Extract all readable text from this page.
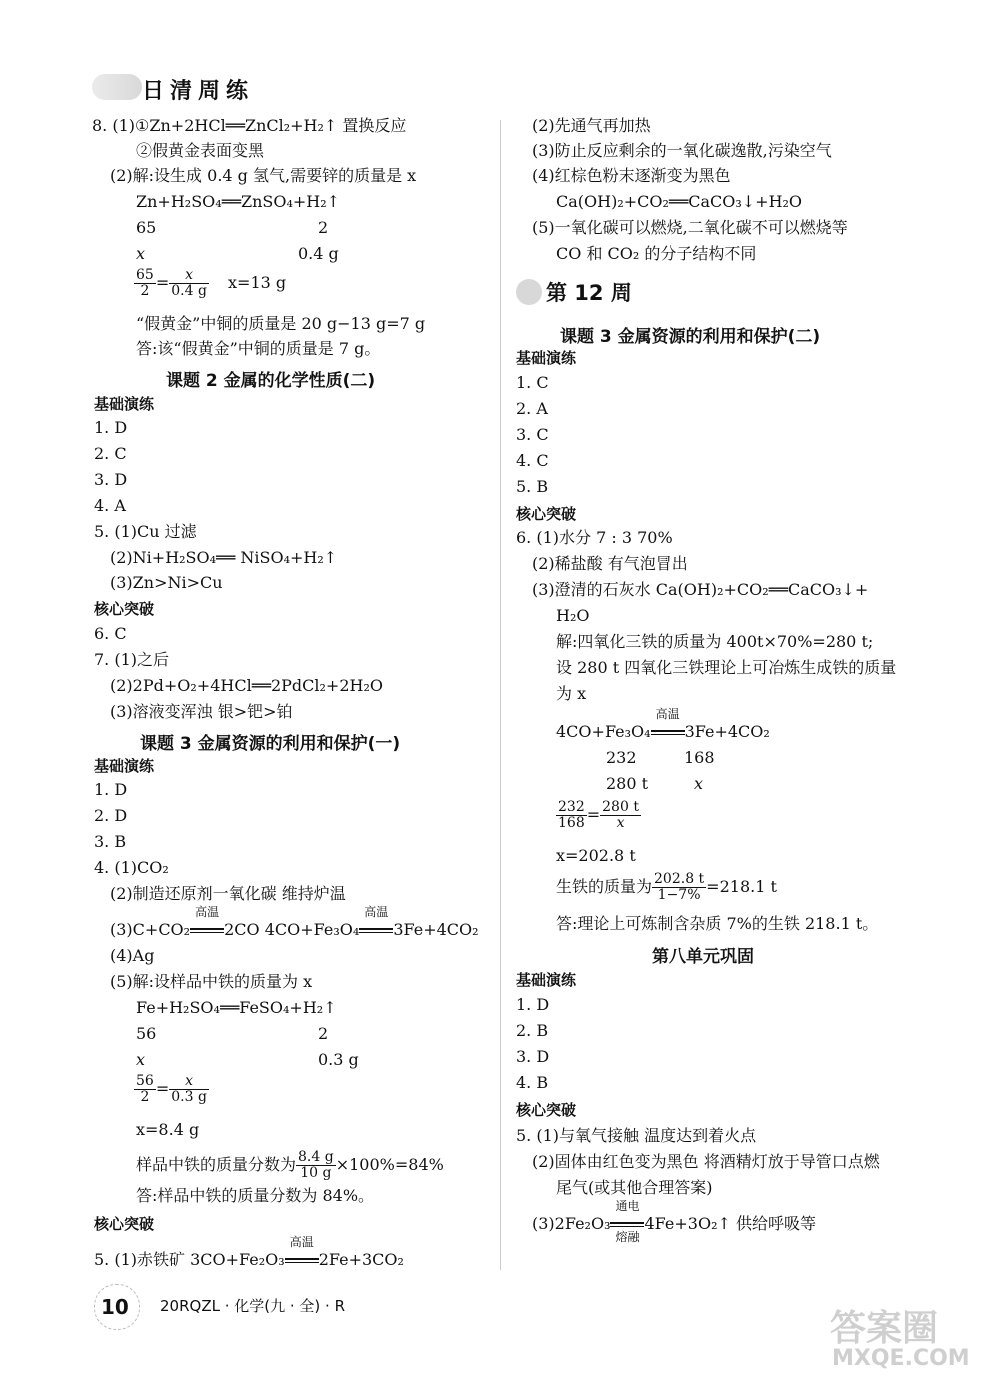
日清周练
8. (1)①Zn+2HCl══ZnCl₂+H₂↑ 置换反应
②假黄金表面变黑
(2)解:设生成 0.4 g 氢气,需要锌的质量是 x
Zn+H₂SO₄══ZnSO₄+H₂↑
65	2
x	0.4 g
$\frac{65}{2} = \frac{x}{0.4 g} x=13$ g
“假黄金”中铜的质量是 20 g−13 g=7 g
答:该“假黄金”中铜的质量是 7 g。
课题 2 金属的化学性质(二)
基础演练
1. D
2. C
3. D
4. A
5. (1)Cu 过滤
(2)Ni+H₂SO₄══ NiSO₄+H₂↑
(3)Zn>Ni>Cu
核心突破
6. C
7. (1)之后
(2)2Pd+O₂+4HCl══2PdCl₂+2H₂O
(3)溶液变浑浊 银>钯>铂
课题 3 金属资源的利用和保护(一)
基础演练
1. D
2. D
3. B
4. (1)CO₂
(2)制造还原剂一氧化碳 维持炉温
(3)C+CO₂
高温
2CO 4CO+Fe₃O₄
高温
3Fe+4CO₂
(4)Ag
(5)解:设样品中铁的质量为 x
Fe+H₂SO₄══FeSO₄+H₂↑
56	2
x	0.3 g
$\frac{56}{2} = \frac{x}{0.3 g}$
x=8.4 g
样品中铁的质量分数为 $\frac{8.4 g}{10 g} \times 100\%=84\%$
答:样品中铁的质量分数为 84%。
核心突破
5. (1)赤铁矿 3CO+Fe₂O₃
高温
2Fe+3CO₂
(2)先通气再加热
(3)防止反应剩余的一氧化碳逸散,污染空气
(4)红棕色粉末逐渐变为黑色
Ca(OH)₂+CO₂══CaCO₃↓+H₂O
(5)一氧化碳可以燃烧,二氧化碳不可以燃烧等
CO 和 CO₂ 的分子结构不同
第 12 周
课题 3 金属资源的利用和保护(二)
基础演练
1. C
2. A
3. C
4. C
5. B
核心突破
6. (1)水分 7 : 3 70%
(2)稀盐酸 有气泡冒出
(3)澄清的石灰水 Ca(OH)₂+CO₂══CaCO₃↓+
H₂O
解:四氧化三铁的质量为 400t×70%=280 t;
设 280 t 四氧化三铁理论上可冶炼生成铁的质量
为 x
4CO+Fe₃O₄
高温
3Fe+4CO₂
232	168
280 t	x
$\frac{232}{168} = \frac{280 t}{x}$
x=202.8 t
生铁的质量为 $\frac{202.8 t}{1-7\%} =218.1$ t
答:理论上可炼制含杂质 7%的生铁 218.1 t。
第八单元巩固
基础演练
1. D
2. B
3. D
4. B
核心突破
5. (1)与氧气接触 温度达到着火点
(2)固体由红色变为黑色 将酒精灯放于导管口点燃
尾气(或其他合理答案)
(3)2Fe₂O₃
通电
熔融
4Fe+3O₂↑ 供给呼吸等
10 20RQZL · 化学(九 · 全) · R
答案圈
MXQE.COM
